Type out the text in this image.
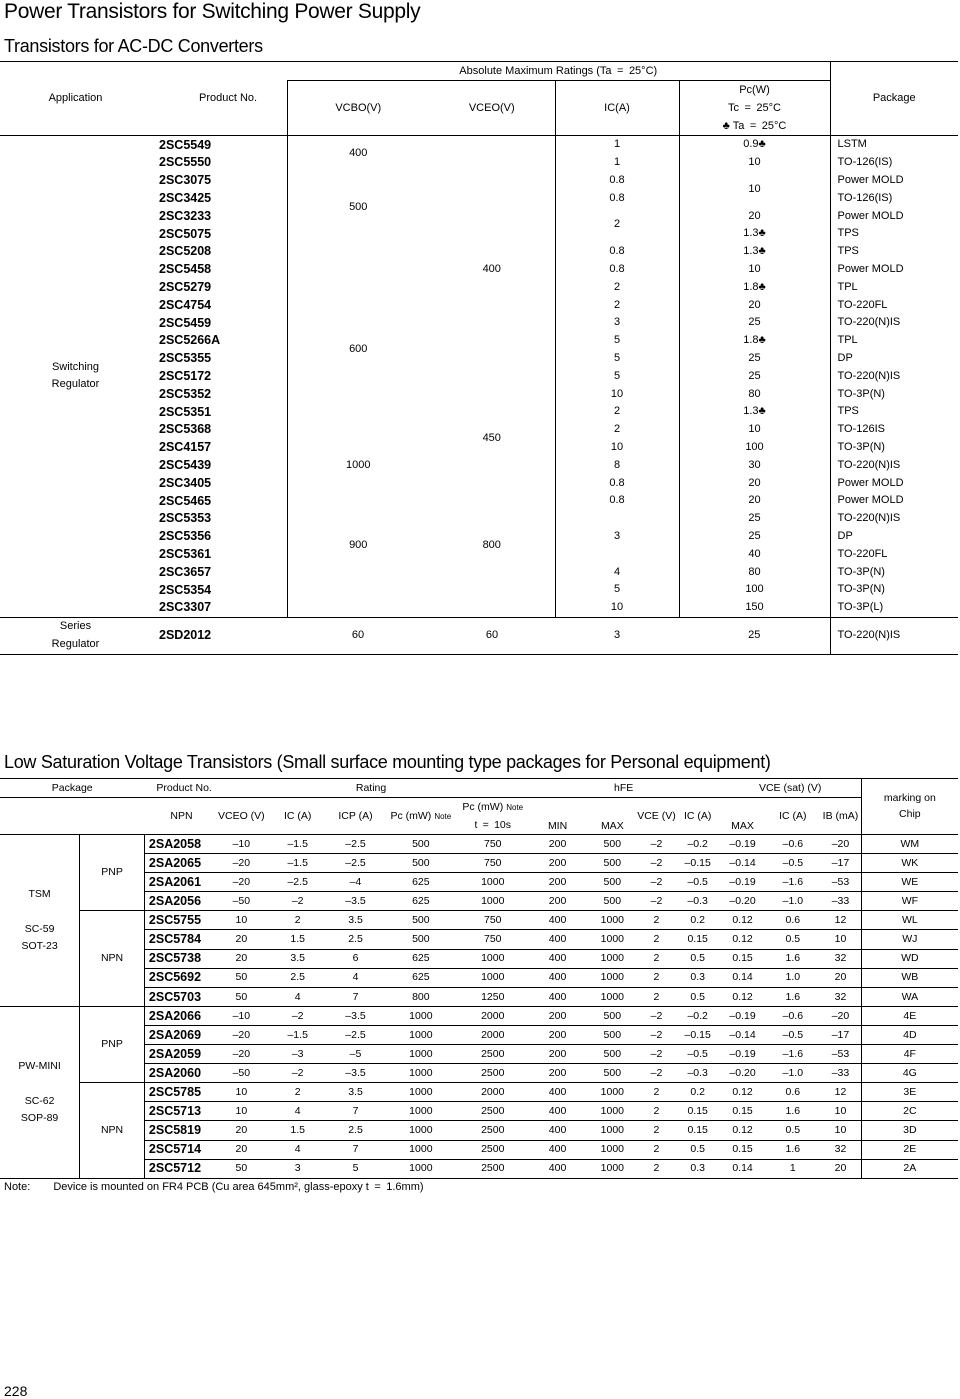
Power Transistors for Switching Power Supply
Transistors for AC-DC Converters
Application	Product No.	Absolute Maximum Ratings (Ta = 25°C)				Package
		VCBO(V)	VCEO(V)	IC(A)	Pc(W)	
					Tc = 25°C	
					♣ Ta = 25°C	

Switching
Regulator	2SC5549	400	400	1	0.9♣	LSTM
	2SC5550			1	10	TO-126(IS)
	2SC3075	500		0.8	10	Power MOLD
	2SC3425			0.8		TO-126(IS)
	2SC3233			2	20	Power MOLD
	2SC5075				1.3♣	TPS
	2SC5208	600		0.8	1.3♣	TPS
	2SC5458			0.8	10	Power MOLD
	2SC5279			2	1.8♣	TPL
	2SC4754			2	20	TO-220FL
	2SC5459			3	25	TO-220(N)IS
	2SC5266A			5	1.8♣	TPL
	2SC5355			5	25	DP
	2SC5172			5	25	TO-220(N)IS
	2SC5352			10	80	TO-3P(N)
	2SC5351		450	2	1.3♣	TPS
	2SC5368			2	10	TO-126IS
	2SC4157			10	100	TO-3P(N)
	2SC5439	1000		8	30	TO-220(N)IS
	2SC3405	900	800	0.8	20	Power MOLD
	2SC5465			0.8	20	Power MOLD
	2SC5353			3	25	TO-220(N)IS
	2SC5356				25	DP
	2SC5361				40	TO-220FL
	2SC3657			4	80	TO-3P(N)
	2SC5354			5	100	TO-3P(N)
	2SC3307			10	150	TO-3P(L)

Series
Regulator	2SD2012	60	60	3	25	TO-220(N)IS
Low Saturation Voltage Transistors (Small surface mounting type packages for Personal equipment)
Package		Product No.	Rating					hFE				VCE (sat) (V)			marking on
Chip

		NPN	VCEO (V)	IC (A)	ICP (A)	Pc (mW) Note	Pc (mW) Note	MIN	MAX	VCE (V)	IC (A)	MAX	IC (A)	IB (mA)	
							t = 10s								

TSM
SC-59
SOT-23	PNP	2SA2058	–10	–1.5	–2.5	500	750	200	500	–2	–0.2	–0.19	–0.6	–20	WM
		2SA2065	–20	–1.5	–2.5	500	750	200	500	–2	–0.15	–0.14	–0.5	–17	WK
		2SA2061	–20	–2.5	–4	625	1000	200	500	–2	–0.5	–0.19	–1.6	–53	WE
		2SA2056	–50	–2	–3.5	625	1000	200	500	–2	–0.3	–0.20	–1.0	–33	WF
	NPN	2SC5755	10	2	3.5	500	750	400	1000	2	0.2	0.12	0.6	12	WL
		2SC5784	20	1.5	2.5	500	750	400	1000	2	0.15	0.12	0.5	10	WJ
		2SC5738	20	3.5	6	625	1000	400	1000	2	0.5	0.15	1.6	32	WD
		2SC5692	50	2.5	4	625	1000	400	1000	2	0.3	0.14	1.0	20	WB
		2SC5703	50	4	7	800	1250	400	1000	2	0.5	0.12	1.6	32	WA

PW-MINI
SC-62
SOP-89	PNP	2SA2066	–10	–2	–3.5	1000	2000	200	500	–2	–0.2	–0.19	–0.6	–20	4E
		2SA2069	–20	–1.5	–2.5	1000	2000	200	500	–2	–0.15	–0.14	–0.5	–17	4D
		2SA2059	–20	–3	–5	1000	2500	200	500	–2	–0.5	–0.19	–1.6	–53	4F
		2SA2060	–50	–2	–3.5	1000	2500	200	500	–2	–0.3	–0.20	–1.0	–33	4G
	NPN	2SC5785	10	2	3.5	1000	2000	400	1000	2	0.2	0.12	0.6	12	3E
		2SC5713	10	4	7	1000	2500	400	1000	2	0.15	0.15	1.6	10	2C
		2SC5819	20	1.5	2.5	1000	2500	400	1000	2	0.15	0.12	0.5	10	3D
		2SC5714	20	4	7	1000	2500	400	1000	2	0.5	0.15	1.6	32	2E
		2SC5712	50	3	5	1000	2500	400	1000	2	0.3	0.14	1	20	2A
Note: Device is mounted on FR4 PCB (Cu area 645mm², glass-epoxy t = 1.6mm)
228
